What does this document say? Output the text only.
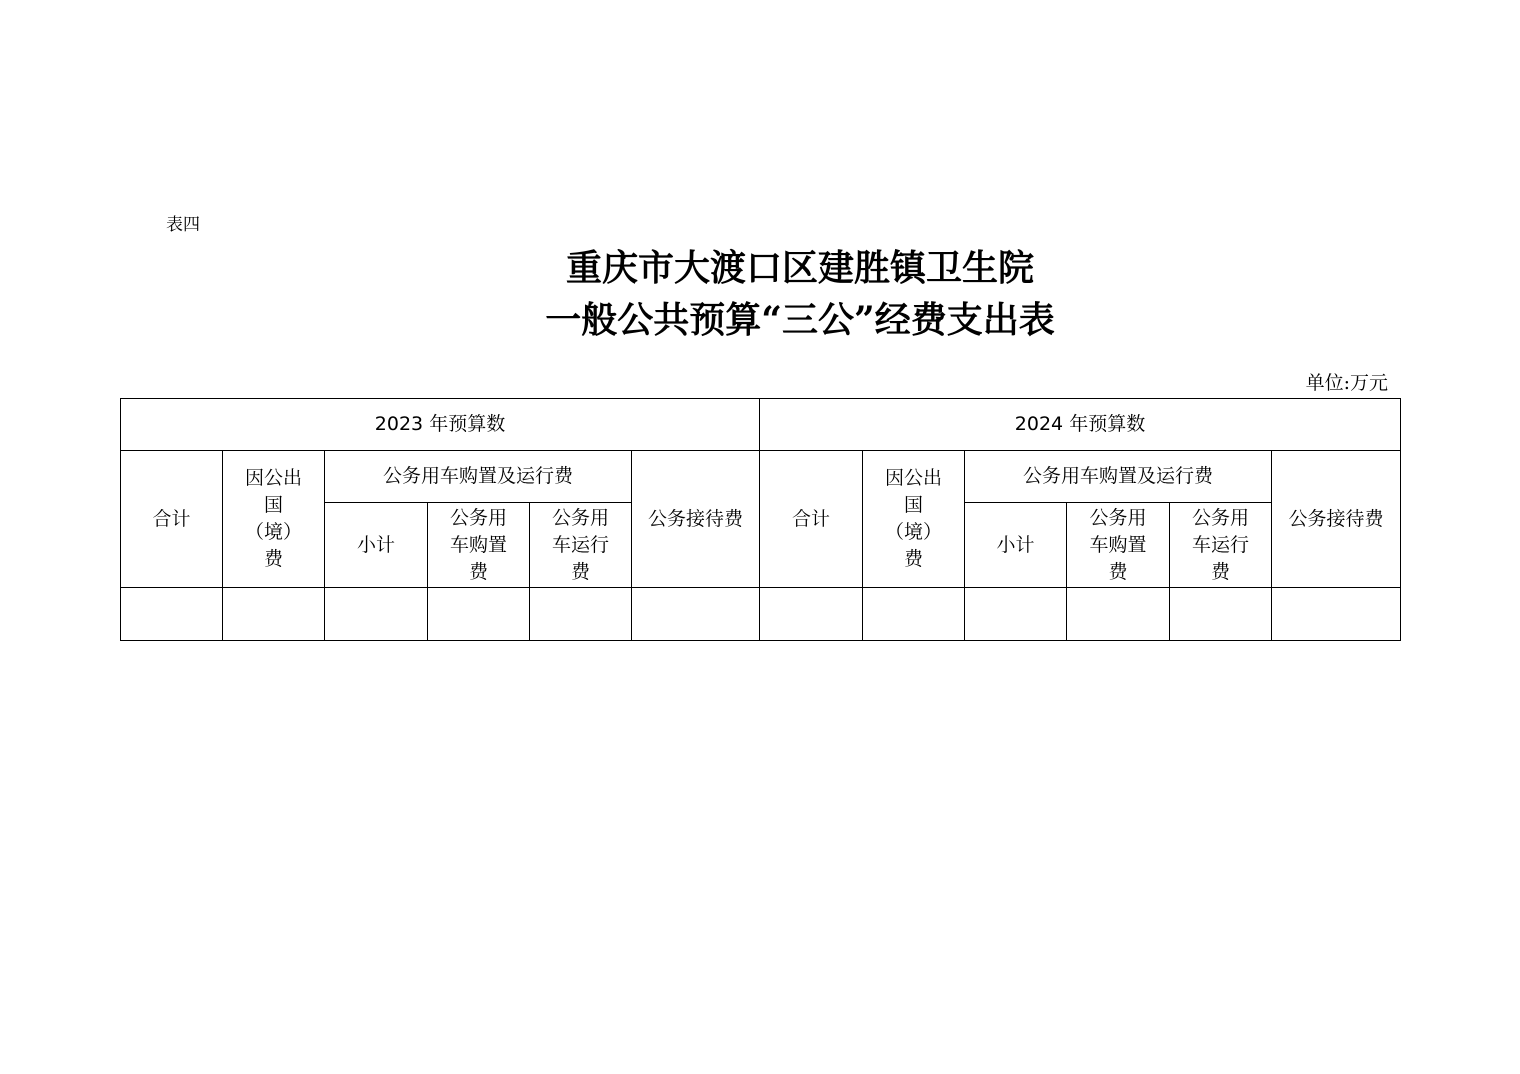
表四
重庆市大渡口区建胜镇卫生院
一般公共预算“三公”经费支出表
单位:万元
2023 年预算数						2024 年预算数					
合计	因公出国（境）费	公务用车购置及运行费			公务接待费	合计	因公出国（境）费	公务用车购置及运行费			公务接待费
		小计	公务用车购置费	公务用车运行费				小计	公务用车购置费	公务用车运行费	
